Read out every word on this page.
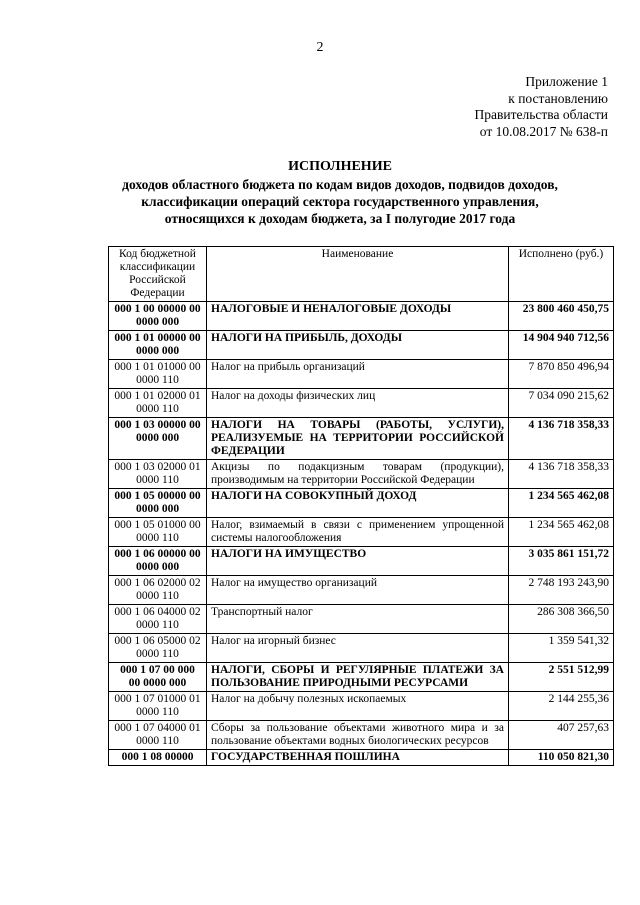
2
Приложение 1
к постановлению
Правительства области
от 10.08.2017 № 638-п
ИСПОЛНЕНИЕ
доходов областного бюджета по кодам видов доходов, подвидов доходов,
классификации операций сектора государственного управления,
относящихся к доходам бюджета, за I полугодие 2017 года
Код бюджетной классификации Российской Федерации	Наименование	Исполнено (руб.)
000 1 00 00000 00 0000 000	НАЛОГОВЫЕ И НЕНАЛОГОВЫЕ ДОХОДЫ	23 800 460 450,75
000 1 01 00000 00 0000 000	НАЛОГИ НА ПРИБЫЛЬ, ДОХОДЫ	14 904 940 712,56
000 1 01 01000 00 0000 110	Налог на прибыль организаций	7 870 850 496,94
000 1 01 02000 01 0000 110	Налог на доходы физических лиц	7 034 090 215,62
000 1 03 00000 00 0000 000	НАЛОГИ НА ТОВАРЫ (РАБОТЫ, УСЛУГИ), РЕАЛИЗУЕМЫЕ НА ТЕРРИТОРИИ РОССИЙСКОЙ ФЕДЕРАЦИИ	4 136 718 358,33
000 1 03 02000 01 0000 110	Акцизы по подакцизным товарам (продукции), производимым на территории Российской Федерации	4 136 718 358,33
000 1 05 00000 00 0000 000	НАЛОГИ НА СОВОКУПНЫЙ ДОХОД	1 234 565 462,08
000 1 05 01000 00 0000 110	Налог, взимаемый в связи с применением упрощенной системы налогообложения	1 234 565 462,08
000 1 06 00000 00 0000 000	НАЛОГИ НА ИМУЩЕСТВО	3 035 861 151,72
000 1 06 02000 02 0000 110	Налог на имущество организаций	2 748 193 243,90
000 1 06 04000 02 0000 110	Транспортный налог	286 308 366,50
000 1 06 05000 02 0000 110	Налог на игорный бизнес	1 359 541,32
000 1 07 00 000 00 0000 000	НАЛОГИ, СБОРЫ И РЕГУЛЯРНЫЕ ПЛАТЕЖИ ЗА ПОЛЬЗОВАНИЕ ПРИРОДНЫМИ РЕСУРСАМИ	2 551 512,99
000 1 07 01000 01 0000 110	Налог на добычу полезных ископаемых	2 144 255,36
000 1 07 04000 01 0000 110	Сборы за пользование объектами животного мира и за пользование объектами водных биологических ресурсов	407 257,63
000 1 08 00000	ГОСУДАРСТВЕННАЯ ПОШЛИНА	110 050 821,30
